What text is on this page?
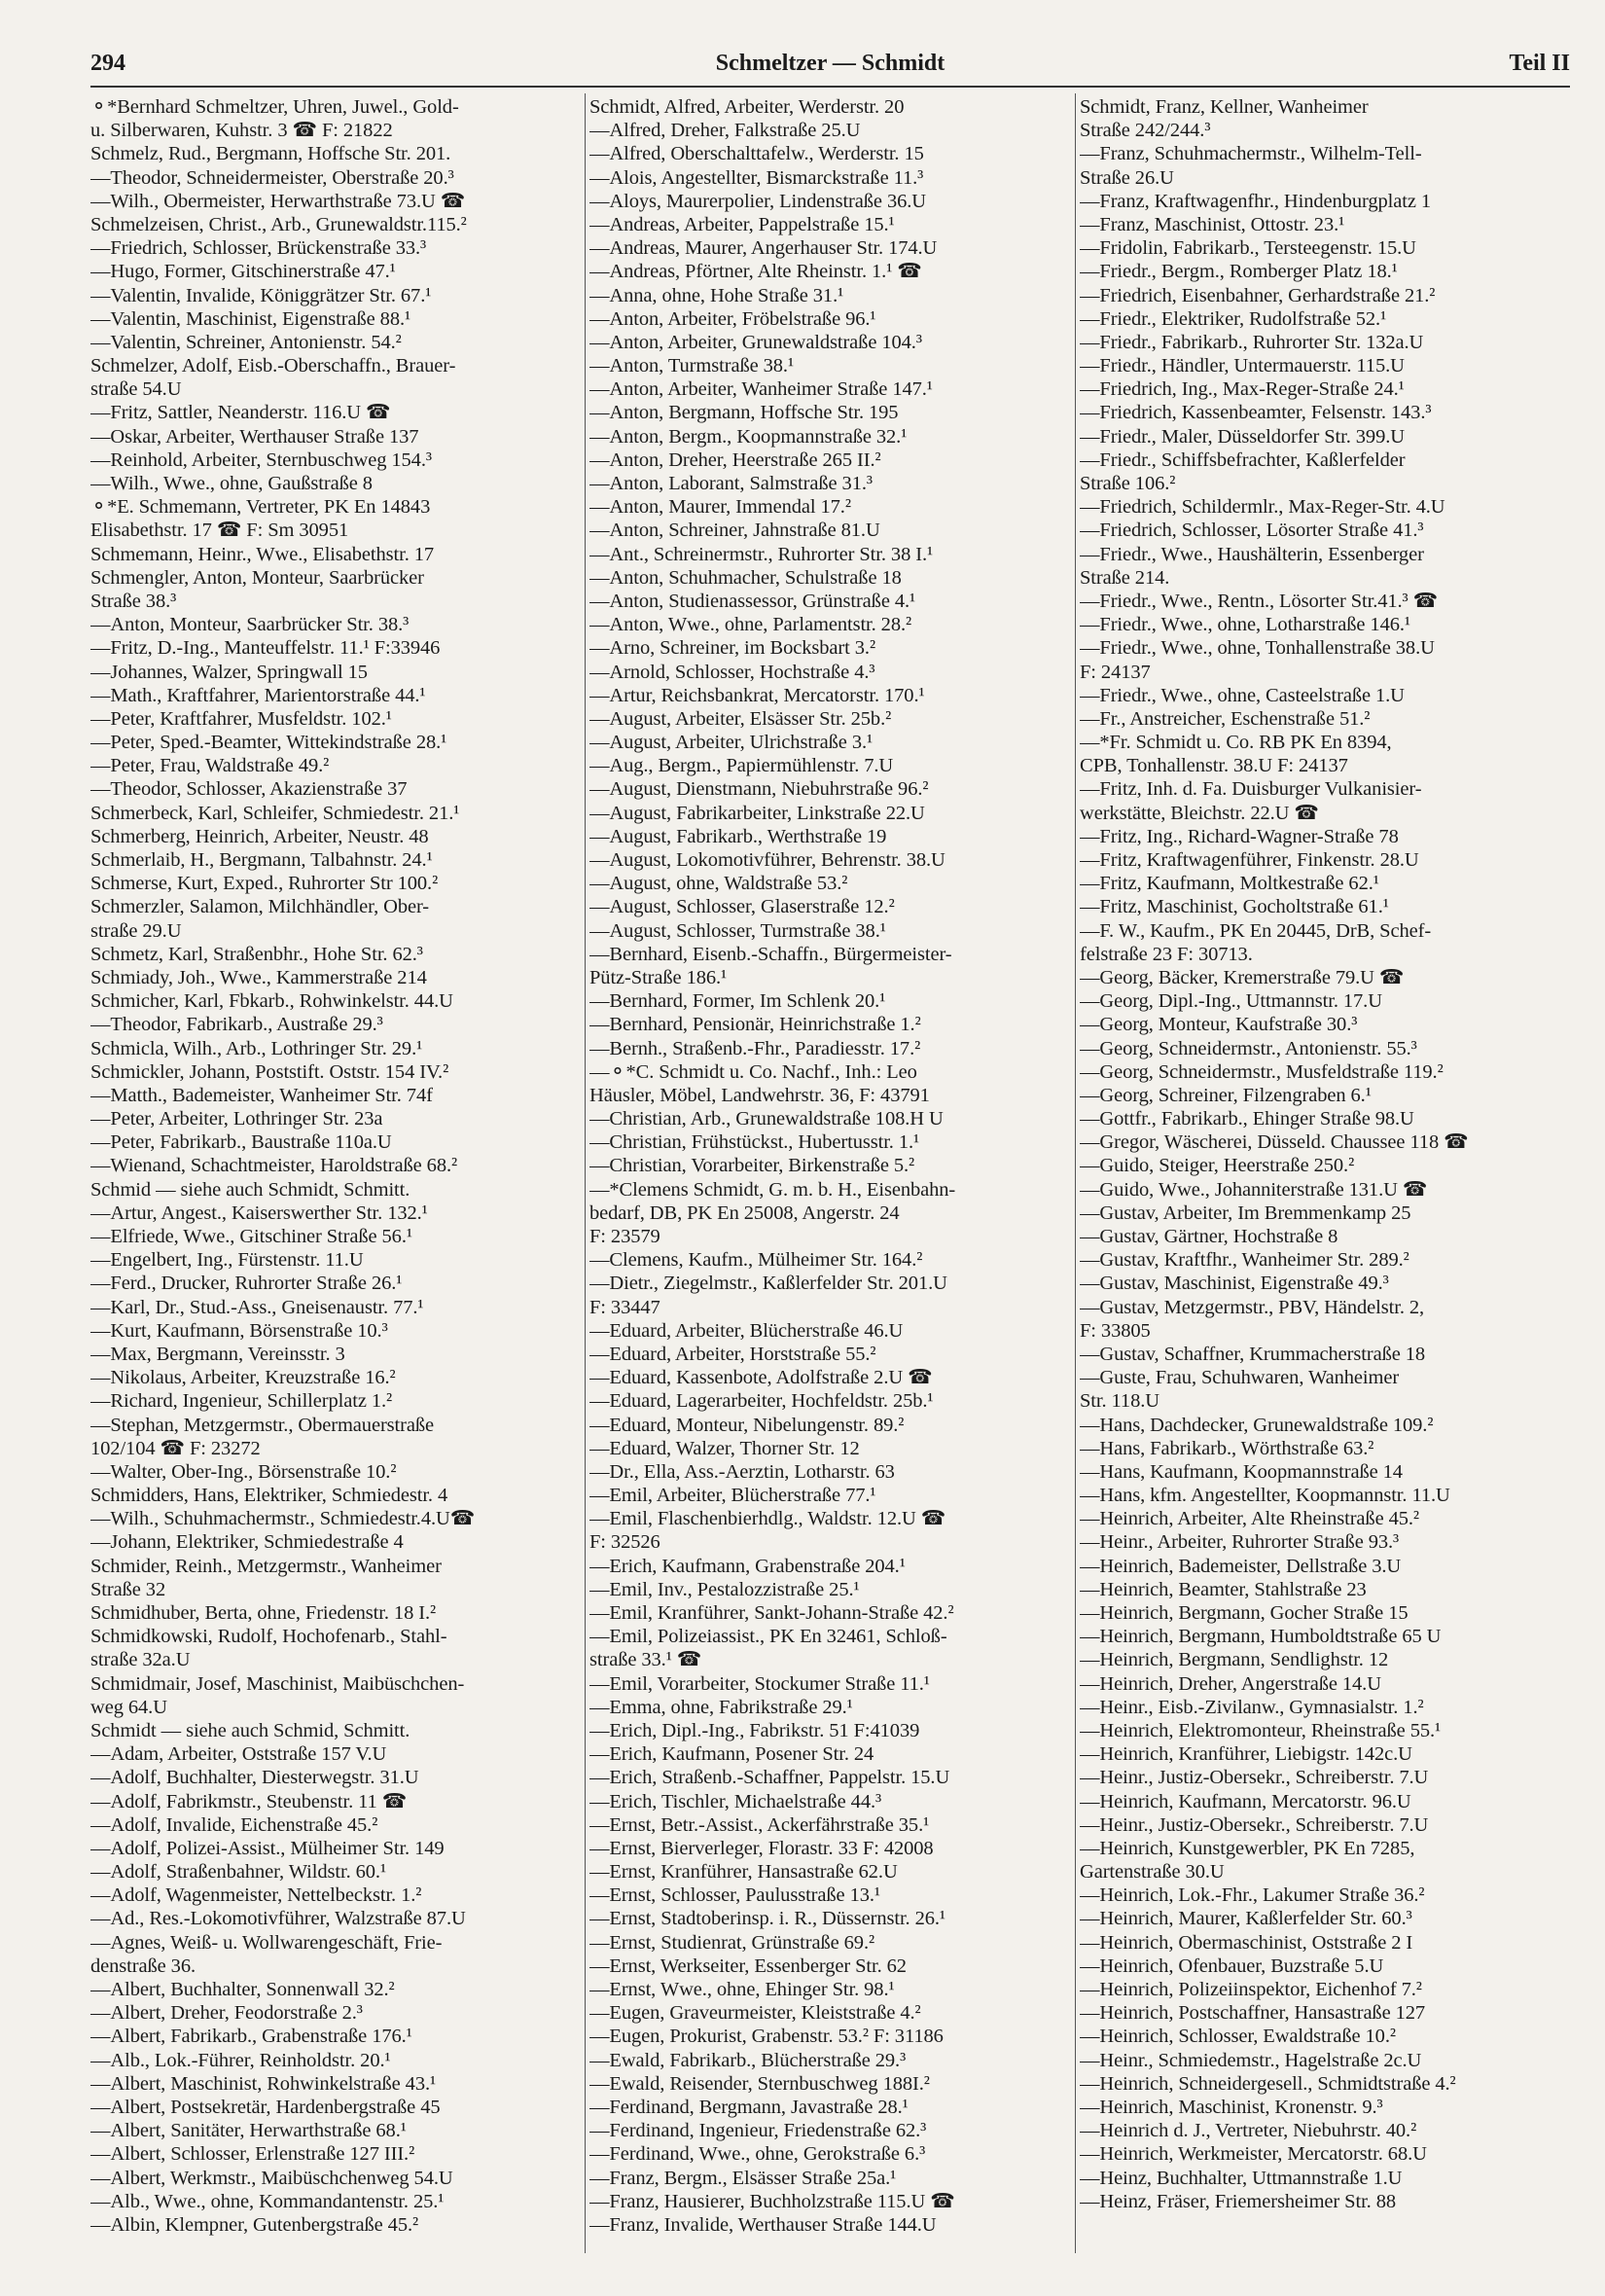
294	Schmeltzer — Schmidt	Teil II
⚬*Bernhard Schmeltzer, Uhren, Juwel., Gold-
u. Silberwaren, Kuhstr. 3 ☎ F: 21822
Schmelz, Rud., Bergmann, Hoffsche Str. 201.
—Theodor, Schneidermeister, Oberstraße 20.³
—Wilh., Obermeister, Herwarthstraße 73.U ☎
Schmelzeisen, Christ., Arb., Grunewaldstr.115.²
—Friedrich, Schlosser, Brückenstraße 33.³
—Hugo, Former, Gitschinerstraße 47.¹
—Valentin, Invalide, Königgrätzer Str. 67.¹
—Valentin, Maschinist, Eigenstraße 88.¹
—Valentin, Schreiner, Antonienstr. 54.²
Schmelzer, Adolf, Eisb.-Oberschaffn., Brauer-
straße 54.U
—Fritz, Sattler, Neanderstr. 116.U ☎
—Oskar, Arbeiter, Werthauser Straße 137
—Reinhold, Arbeiter, Sternbuschweg 154.³
—Wilh., Wwe., ohne, Gaußstraße 8
⚬*E. Schmemann, Vertreter, PK En 14843
Elisabethstr. 17 ☎ F: Sm 30951
Schmemann, Heinr., Wwe., Elisabethstr. 17
Schmengler, Anton, Monteur, Saarbrücker
Straße 38.³
—Anton, Monteur, Saarbrücker Str. 38.³
—Fritz, D.-Ing., Manteuffelstr. 11.¹ F:33946
—Johannes, Walzer, Springwall 15
—Math., Kraftfahrer, Marientorstraße 44.¹
—Peter, Kraftfahrer, Musfeldstr. 102.¹
—Peter, Sped.-Beamter, Wittekindstraße 28.¹
—Peter, Frau, Waldstraße 49.²
—Theodor, Schlosser, Akazienstraße 37
Schmerbeck, Karl, Schleifer, Schmiedestr. 21.¹
Schmerberg, Heinrich, Arbeiter, Neustr. 48
Schmerlaib, H., Bergmann, Talbahnstr. 24.¹
Schmerse, Kurt, Exped., Ruhrorter Str 100.²
Schmerzler, Salamon, Milchhändler, Ober-
straße 29.U
Schmetz, Karl, Straßenbhr., Hohe Str. 62.³
Schmiady, Joh., Wwe., Kammerstraße 214
Schmicher, Karl, Fbkarb., Rohwinkelstr. 44.U
—Theodor, Fabrikarb., Austraße 29.³
Schmicla, Wilh., Arb., Lothringer Str. 29.¹
Schmickler, Johann, Poststift. Oststr. 154 IV.²
—Matth., Bademeister, Wanheimer Str. 74f
—Peter, Arbeiter, Lothringer Str. 23a
—Peter, Fabrikarb., Baustraße 110a.U
—Wienand, Schachtmeister, Haroldstraße 68.²
Schmid — siehe auch Schmidt, Schmitt.
—Artur, Angest., Kaiserswerther Str. 132.¹
—Elfriede, Wwe., Gitschiner Straße 56.¹
—Engelbert, Ing., Fürstenstr. 11.U
—Ferd., Drucker, Ruhrorter Straße 26.¹
—Karl, Dr., Stud.-Ass., Gneisenaustr. 77.¹
—Kurt, Kaufmann, Börsenstraße 10.³
—Max, Bergmann, Vereinsstr. 3
—Nikolaus, Arbeiter, Kreuzstraße 16.²
—Richard, Ingenieur, Schillerplatz 1.²
—Stephan, Metzgermstr., Obermauerstraße
102/104 ☎ F: 23272
—Walter, Ober-Ing., Börsenstraße 10.²
Schmidders, Hans, Elektriker, Schmiedestr. 4
—Wilh., Schuhmachermstr., Schmiedestr.4.U☎
—Johann, Elektriker, Schmiedestraße 4
Schmider, Reinh., Metzgermstr., Wanheimer
Straße 32
Schmidhuber, Berta, ohne, Friedenstr. 18 I.²
Schmidkowski, Rudolf, Hochofenarb., Stahl-
straße 32a.U
Schmidmair, Josef, Maschinist, Maibüschchen-
weg 64.U
Schmidt — siehe auch Schmid, Schmitt.
—Adam, Arbeiter, Oststraße 157 V.U
—Adolf, Buchhalter, Diesterwegstr. 31.U
—Adolf, Fabrikmstr., Steubenstr. 11 ☎
—Adolf, Invalide, Eichenstraße 45.²
—Adolf, Polizei-Assist., Mülheimer Str. 149
—Adolf, Straßenbahner, Wildstr. 60.¹
—Adolf, Wagenmeister, Nettelbeckstr. 1.²
—Ad., Res.-Lokomotivführer, Walzstraße 87.U
—Agnes, Weiß- u. Wollwarengeschäft, Frie-
denstraße 36.
—Albert, Buchhalter, Sonnenwall 32.²
—Albert, Dreher, Feodorstraße 2.³
—Albert, Fabrikarb., Grabenstraße 176.¹
—Alb., Lok.-Führer, Reinholdstr. 20.¹
—Albert, Maschinist, Rohwinkelstraße 43.¹
—Albert, Postsekretär, Hardenbergstraße 45
—Albert, Sanitäter, Herwarthstraße 68.¹
—Albert, Schlosser, Erlenstraße 127 III.²
—Albert, Werkmstr., Maibüschchenweg 54.U
—Alb., Wwe., ohne, Kommandantenstr. 25.¹
—Albin, Klempner, Gutenbergstraße 45.²
Schmidt, Alfred, Arbeiter, Werderstr. 20
—Alfred, Dreher, Falkstraße 25.U
—Alfred, Oberschalttafelw., Werderstr. 15
—Alois, Angestellter, Bismarckstraße 11.³
—Aloys, Maurerpolier, Lindenstraße 36.U
—Andreas, Arbeiter, Pappelstraße 15.¹
—Andreas, Maurer, Angerhauser Str. 174.U
—Andreas, Pförtner, Alte Rheinstr. 1.¹ ☎
—Anna, ohne, Hohe Straße 31.¹
—Anton, Arbeiter, Fröbelstraße 96.¹
—Anton, Arbeiter, Grunewaldstraße 104.³
—Anton, Turmstraße 38.¹
—Anton, Arbeiter, Wanheimer Straße 147.¹
—Anton, Bergmann, Hoffsche Str. 195
—Anton, Bergm., Koopmannstraße 32.¹
—Anton, Dreher, Heerstraße 265 II.²
—Anton, Laborant, Salmstraße 31.³
—Anton, Maurer, Immendal 17.²
—Anton, Schreiner, Jahnstraße 81.U
—Ant., Schreinermstr., Ruhrorter Str. 38 I.¹
—Anton, Schuhmacher, Schulstraße 18
—Anton, Studienassessor, Grünstraße 4.¹
—Anton, Wwe., ohne, Parlamentstr. 28.²
—Arno, Schreiner, im Bocksbart 3.²
—Arnold, Schlosser, Hochstraße 4.³
—Artur, Reichsbankrat, Mercatorstr. 170.¹
—August, Arbeiter, Elsässer Str. 25b.²
—August, Arbeiter, Ulrichstraße 3.¹
—Aug., Bergm., Papiermühlenstr. 7.U
—August, Dienstmann, Niebuhrstraße 96.²
—August, Fabrikarbeiter, Linkstraße 22.U
—August, Fabrikarb., Werthstraße 19
—August, Lokomotivführer, Behrenstr. 38.U
—August, ohne, Waldstraße 53.²
—August, Schlosser, Glaserstraße 12.²
—August, Schlosser, Turmstraße 38.¹
—Bernhard, Eisenb.-Schaffn., Bürgermeister-
Pütz-Straße 186.¹
—Bernhard, Former, Im Schlenk 20.¹
—Bernhard, Pensionär, Heinrichstraße 1.²
—Bernh., Straßenb.-Fhr., Paradiesstr. 17.²
—⚬*C. Schmidt u. Co. Nachf., Inh.: Leo
Häusler, Möbel, Landwehrstr. 36, F: 43791
—Christian, Arb., Grunewaldstraße 108.H U
—Christian, Frühstückst., Hubertusstr. 1.¹
—Christian, Vorarbeiter, Birkenstraße 5.²
—*Clemens Schmidt, G. m. b. H., Eisenbahn-
bedarf, DB, PK En 25008, Angerstr. 24
F: 23579
—Clemens, Kaufm., Mülheimer Str. 164.²
—Dietr., Ziegelmstr., Kaßlerfelder Str. 201.U
F: 33447
—Eduard, Arbeiter, Blücherstraße 46.U
—Eduard, Arbeiter, Horststraße 55.²
—Eduard, Kassenbote, Adolfstraße 2.U ☎
—Eduard, Lagerarbeiter, Hochfeldstr. 25b.¹
—Eduard, Monteur, Nibelungenstr. 89.²
—Eduard, Walzer, Thorner Str. 12
—Dr., Ella, Ass.-Aerztin, Lotharstr. 63
—Emil, Arbeiter, Blücherstraße 77.¹
—Emil, Flaschenbierhdlg., Waldstr. 12.U ☎
F: 32526
—Erich, Kaufmann, Grabenstraße 204.¹
—Emil, Inv., Pestalozzistraße 25.¹
—Emil, Kranführer, Sankt-Johann-Straße 42.²
—Emil, Polizeiassist., PK En 32461, Schloß-
straße 33.¹ ☎
—Emil, Vorarbeiter, Stockumer Straße 11.¹
—Emma, ohne, Fabrikstraße 29.¹
—Erich, Dipl.-Ing., Fabrikstr. 51 F:41039
—Erich, Kaufmann, Posener Str. 24
—Erich, Straßenb.-Schaffner, Pappelstr. 15.U
—Erich, Tischler, Michaelstraße 44.³
—Ernst, Betr.-Assist., Ackerfährstraße 35.¹
—Ernst, Bierverleger, Florastr. 33 F: 42008
—Ernst, Kranführer, Hansastraße 62.U
—Ernst, Schlosser, Paulusstraße 13.¹
—Ernst, Stadtoberinsp. i. R., Düssernstr. 26.¹
—Ernst, Studienrat, Grünstraße 69.²
—Ernst, Werkseiter, Essenberger Str. 62
—Ernst, Wwe., ohne, Ehinger Str. 98.¹
—Eugen, Graveurmeister, Kleiststraße 4.²
—Eugen, Prokurist, Grabenstr. 53.² F: 31186
—Ewald, Fabrikarb., Blücherstraße 29.³
—Ewald, Reisender, Sternbuschweg 188I.²
—Ferdinand, Bergmann, Javastraße 28.¹
—Ferdinand, Ingenieur, Friedenstraße 62.³
—Ferdinand, Wwe., ohne, Gerokstraße 6.³
—Franz, Bergm., Elsässer Straße 25a.¹
—Franz, Hausierer, Buchholzstraße 115.U ☎
—Franz, Invalide, Werthauser Straße 144.U
Schmidt, Franz, Kellner, Wanheimer
Straße 242/244.³
—Franz, Schuhmachermstr., Wilhelm-Tell-
Straße 26.U
—Franz, Kraftwagenfhr., Hindenburgplatz 1
—Franz, Maschinist, Ottostr. 23.¹
—Fridolin, Fabrikarb., Tersteegenstr. 15.U
—Friedr., Bergm., Romberger Platz 18.¹
—Friedrich, Eisenbahner, Gerhardstraße 21.²
—Friedr., Elektriker, Rudolfstraße 52.¹
—Friedr., Fabrikarb., Ruhrorter Str. 132a.U
—Friedr., Händler, Untermauerstr. 115.U
—Friedrich, Ing., Max-Reger-Straße 24.¹
—Friedrich, Kassenbeamter, Felsenstr. 143.³
—Friedr., Maler, Düsseldorfer Str. 399.U
—Friedr., Schiffsbefrachter, Kaßlerfelder
Straße 106.²
—Friedrich, Schildermlr., Max-Reger-Str. 4.U
—Friedrich, Schlosser, Lösorter Straße 41.³
—Friedr., Wwe., Haushälterin, Essenberger
Straße 214.
—Friedr., Wwe., Rentn., Lösorter Str.41.³ ☎
—Friedr., Wwe., ohne, Lotharstraße 146.¹
—Friedr., Wwe., ohne, Tonhallenstraße 38.U
F: 24137
—Friedr., Wwe., ohne, Casteelstraße 1.U
—Fr., Anstreicher, Eschenstraße 51.²
—*Fr. Schmidt u. Co. RB PK En 8394,
CPB, Tonhallenstr. 38.U F: 24137
—Fritz, Inh. d. Fa. Duisburger Vulkanisier-
werkstätte, Bleichstr. 22.U ☎
—Fritz, Ing., Richard-Wagner-Straße 78
—Fritz, Kraftwagenführer, Finkenstr. 28.U
—Fritz, Kaufmann, Moltkestraße 62.¹
—Fritz, Maschinist, Gocholtstraße 61.¹
—F. W., Kaufm., PK En 20445, DrB, Schef-
felstraße 23 F: 30713.
—Georg, Bäcker, Kremerstraße 79.U ☎
—Georg, Dipl.-Ing., Uttmannstr. 17.U
—Georg, Monteur, Kaufstraße 30.³
—Georg, Schneidermstr., Antonienstr. 55.³
—Georg, Schneidermstr., Musfeldstraße 119.²
—Georg, Schreiner, Filzengraben 6.¹
—Gottfr., Fabrikarb., Ehinger Straße 98.U
—Gregor, Wäscherei, Düsseld. Chaussee 118 ☎
—Guido, Steiger, Heerstraße 250.²
—Guido, Wwe., Johanniterstraße 131.U ☎
—Gustav, Arbeiter, Im Bremmenkamp 25
—Gustav, Gärtner, Hochstraße 8
—Gustav, Kraftfhr., Wanheimer Str. 289.²
—Gustav, Maschinist, Eigenstraße 49.³
—Gustav, Metzgermstr., PBV, Händelstr. 2,
F: 33805
—Gustav, Schaffner, Krummacherstraße 18
—Guste, Frau, Schuhwaren, Wanheimer
Str. 118.U
—Hans, Dachdecker, Grunewaldstraße 109.²
—Hans, Fabrikarb., Wörthstraße 63.²
—Hans, Kaufmann, Koopmannstraße 14
—Hans, kfm. Angestellter, Koopmannstr. 11.U
—Heinrich, Arbeiter, Alte Rheinstraße 45.²
—Heinr., Arbeiter, Ruhrorter Straße 93.³
—Heinrich, Bademeister, Dellstraße 3.U
—Heinrich, Beamter, Stahlstraße 23
—Heinrich, Bergmann, Gocher Straße 15
—Heinrich, Bergmann, Humboldtstraße 65 U
—Heinrich, Bergmann, Sendlighstr. 12
—Heinrich, Dreher, Angerstraße 14.U
—Heinr., Eisb.-Zivilanw., Gymnasialstr. 1.²
—Heinrich, Elektromonteur, Rheinstraße 55.¹
—Heinrich, Kranführer, Liebigstr. 142c.U
—Heinr., Justiz-Obersekr., Schreiberstr. 7.U
—Heinrich, Kaufmann, Mercatorstr. 96.U
—Heinr., Justiz-Obersekr., Schreiberstr. 7.U
—Heinrich, Kunstgewerbler, PK En 7285,
Gartenstraße 30.U
—Heinrich, Lok.-Fhr., Lakumer Straße 36.²
—Heinrich, Maurer, Kaßlerfelder Str. 60.³
—Heinrich, Obermaschinist, Oststraße 2 I
—Heinrich, Ofenbauer, Buzstraße 5.U
—Heinrich, Polizeiinspektor, Eichenhof 7.²
—Heinrich, Postschaffner, Hansastraße 127
—Heinrich, Schlosser, Ewaldstraße 10.²
—Heinr., Schmiedemstr., Hagelstraße 2c.U
—Heinrich, Schneidergesell., Schmidtstraße 4.²
—Heinrich, Maschinist, Kronenstr. 9.³
—Heinrich d. J., Vertreter, Niebuhrstr. 40.²
—Heinrich, Werkmeister, Mercatorstr. 68.U
—Heinz, Buchhalter, Uttmannstraße 1.U
—Heinz, Fräser, Friemersheimer Str. 88
